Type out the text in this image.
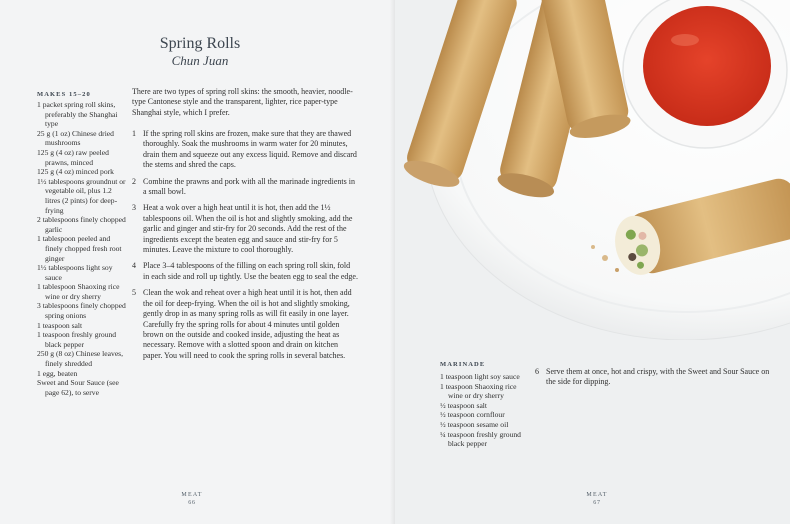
Spring Rolls
Chun Juan
MAKES 15–20
1 packet spring roll skins, preferably the Shanghai type
25 g (1 oz) Chinese dried mushrooms
125 g (4 oz) raw peeled prawns, minced
125 g (4 oz) minced pork
1½ tablespoons groundnut or vegetable oil, plus 1.2 litres (2 pints) for deep-frying
2 tablespoons finely chopped garlic
1 tablespoon peeled and finely chopped fresh root ginger
1½ tablespoons light soy sauce
1 tablespoon Shaoxing rice wine or dry sherry
3 tablespoons finely chopped spring onions
1 teaspoon salt
1 teaspoon freshly ground black pepper
250 g (8 oz) Chinese leaves, finely shredded
1 egg, beaten
Sweet and Sour Sauce (see page 62), to serve
There are two types of spring roll skins: the smooth, heavier, noodle-type Cantonese style and the transparent, lighter, rice paper-type Shanghai style, which I prefer.
1 If the spring roll skins are frozen, make sure that they are thawed thoroughly. Soak the mushrooms in warm water for 20 minutes, drain them and squeeze out any excess liquid. Remove and discard the stems and shred the caps.
2 Combine the prawns and pork with all the marinade ingredients in a small bowl.
3 Heat a wok over a high heat until it is hot, then add the 1½ tablespoons oil. When the oil is hot and slightly smoking, add the garlic and ginger and stir-fry for 20 seconds. Add the rest of the ingredients except the beaten egg and sauce and stir-fry for 5 minutes. Leave the mixture to cool thoroughly.
4 Place 3–4 tablespoons of the filling on each spring roll skin, fold in each side and roll up tightly. Use the beaten egg to seal the edge.
5 Clean the wok and reheat over a high heat until it is hot, then add the oil for deep-frying. When the oil is hot and slightly smoking, gently drop in as many spring rolls as will fit easily in one layer. Carefully fry the spring rolls for about 4 minutes until golden brown on the outside and cooked inside, adjusting the heat as necessary. Remove with a slotted spoon and drain on kitchen paper. You will need to cook the spring rolls in several batches.
MEAT
66
MARINADE
1 teaspoon light soy sauce
1 teaspoon Shaoxing rice wine or dry sherry
½ teaspoon salt
½ teaspoon cornflour
½ teaspoon sesame oil
¼ teaspoon freshly ground black pepper
6 Serve them at once, hot and crispy, with the Sweet and Sour Sauce on the side for dipping.
MEAT
67
